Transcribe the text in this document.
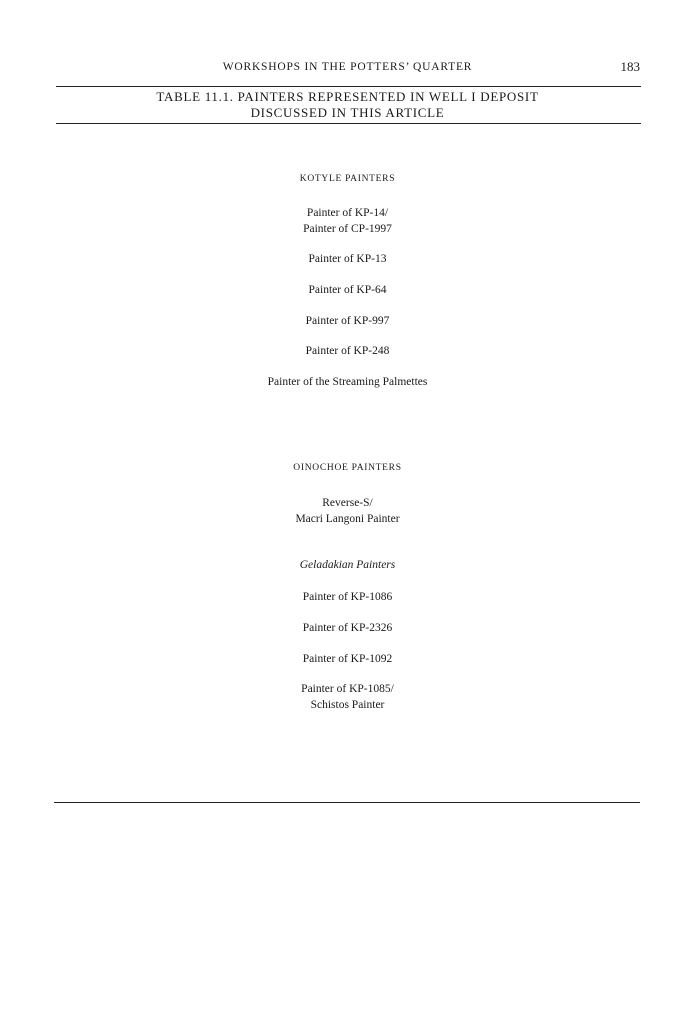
WORKSHOPS IN THE POTTERS’ QUARTER	183
TABLE 11.1. PAINTERS REPRESENTED IN WELL I DEPOSIT
DISCUSSED IN THIS ARTICLE
KOTYLE PAINTERS
Painter of KP-14/
Painter of CP-1997
Painter of KP-13
Painter of KP-64
Painter of KP-997
Painter of KP-248
Painter of the Streaming Palmettes
OINOCHOE PAINTERS
Reverse-S/
Macri Langoni Painter
Geladakian Painters
Painter of KP-1086
Painter of KP-2326
Painter of KP-1092
Painter of KP-1085/
Schistos Painter
